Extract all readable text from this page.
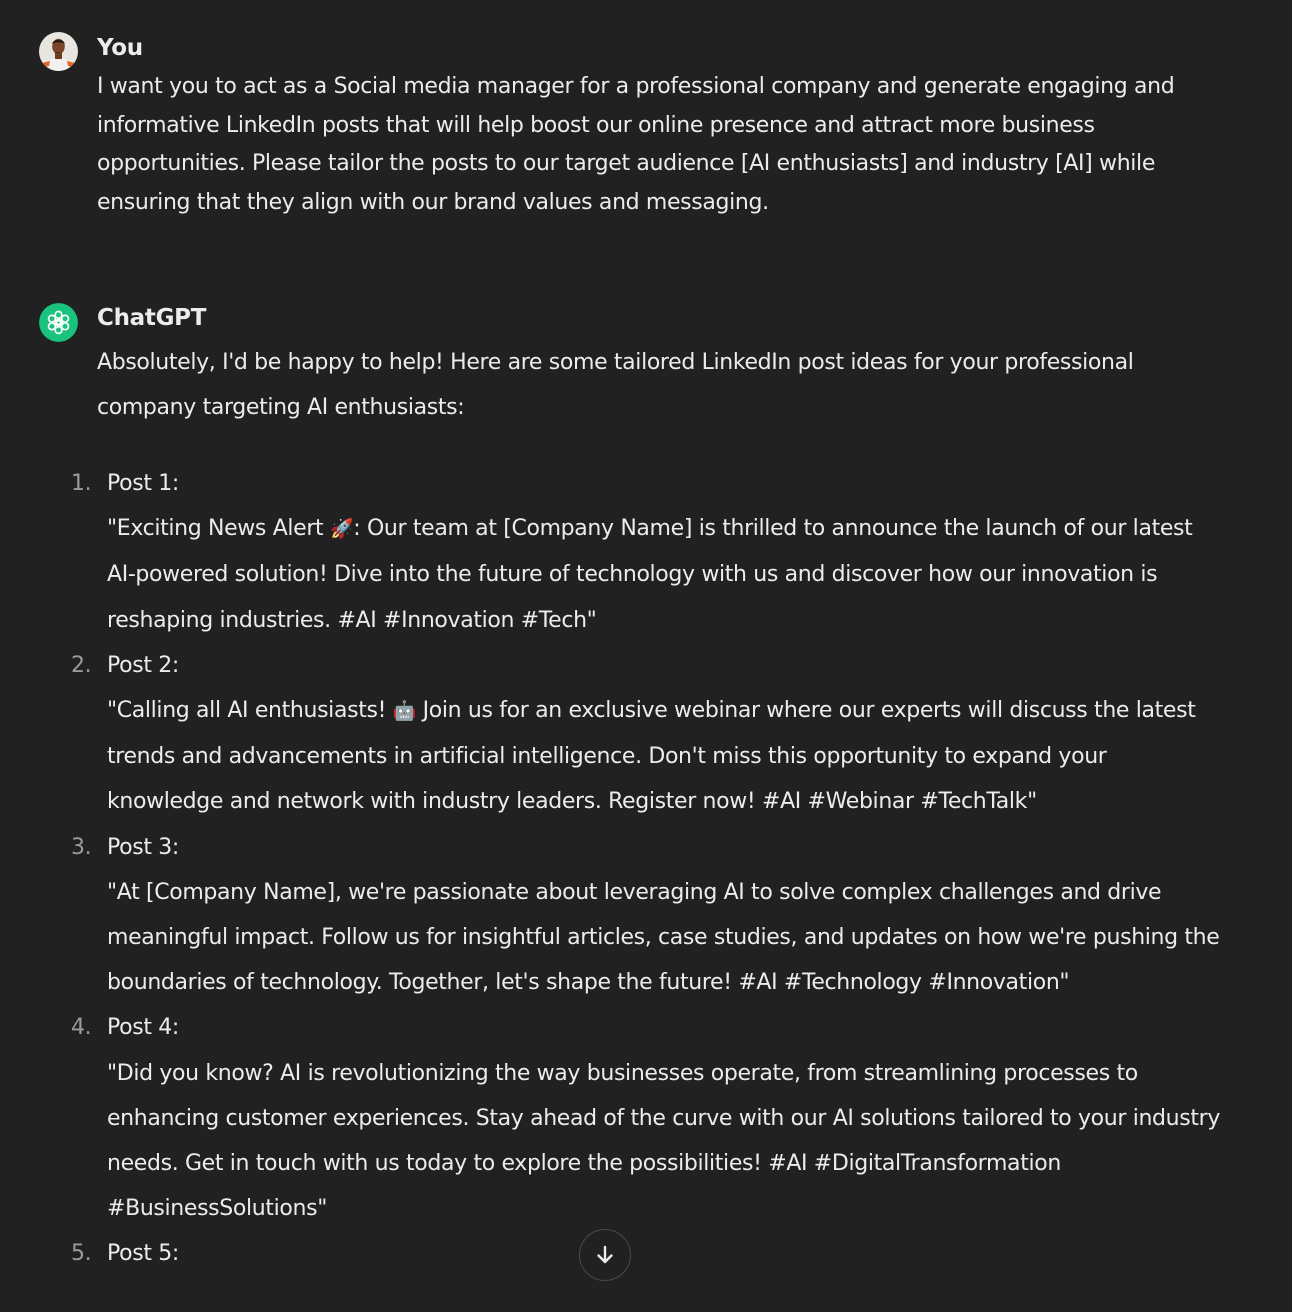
You
I want you to act as a Social media manager for a professional company and generate engaging and informative LinkedIn posts that will help boost our online presence and attract more business opportunities. Please tailor the posts to our target audience [AI enthusiasts] and industry [AI] while ensuring that they align with our brand values and messaging.
ChatGPT
Absolutely, I'd be happy to help! Here are some tailored LinkedIn post ideas for your professional company targeting AI enthusiasts:
1. Post 1:
"Exciting News Alert 🚀: Our team at [Company Name] is thrilled to announce the launch of our latest AI-powered solution! Dive into the future of technology with us and discover how our innovation is reshaping industries. #AI #Innovation #Tech"
2. Post 2:
"Calling all AI enthusiasts! 🤖 Join us for an exclusive webinar where our experts will discuss the latest trends and advancements in artificial intelligence. Don't miss this opportunity to expand your knowledge and network with industry leaders. Register now! #AI #Webinar #TechTalk"
3. Post 3:
"At [Company Name], we're passionate about leveraging AI to solve complex challenges and drive meaningful impact. Follow us for insightful articles, case studies, and updates on how we're pushing the boundaries of technology. Together, let's shape the future! #AI #Technology #Innovation"
4. Post 4:
"Did you know? AI is revolutionizing the way businesses operate, from streamlining processes to enhancing customer experiences. Stay ahead of the curve with our AI solutions tailored to your industry needs. Get in touch with us today to explore the possibilities! #AI #DigitalTransformation #BusinessSolutions"
5. Post 5:
